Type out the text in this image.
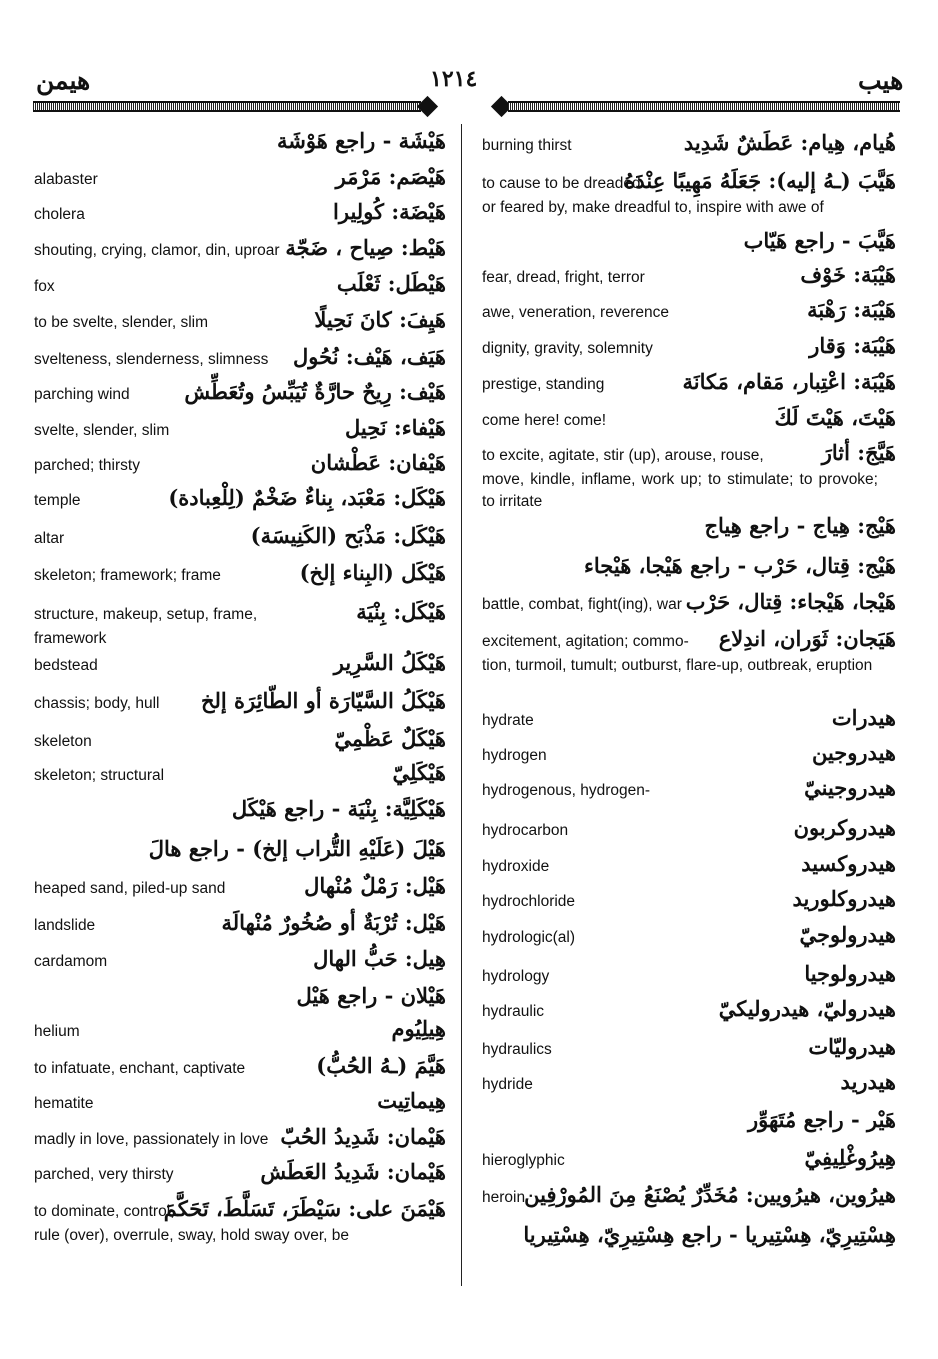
هيمن	١٢١٤	هيب
هَيْشَة - راجع هَوْشَة
هَيْصَم: مَرْمَر
alabaster
هَيْضَة: كُولِيرا
cholera
هَيْط: صِياح ، ضَجّة
shouting, crying, clamor, din, uproar
هَيْطَل: ثَعْلَب
fox
هَيِفَ: كانَ نَحِيلًا
to be svelte, slender, slim
هَيَف، هَيْف: نُحُول
svelteness, slenderness, slimness
هَيْف: رِيحٌ حارَّةٌ تُيَبِّسُ وتُعَطِّش
parching wind
هَيْفاء: نَحِيل
svelte, slender, slim
هَيْفان: عَطْشان
parched; thirsty
هَيْكَل: مَعْبَد، بِناءٌ ضَخْمٌ (لِلْعِبادة)
temple
هَيْكَل: مَذْبَح (الكَنِيسَة)
altar
هَيْكَل (البِناء إلخ)
skeleton; framework; frame
هَيْكَل: بِنْيَة
structure, makeup, setup, frame,
framework
هَيْكَلُ السَّرِير
bedstead
هَيْكَلُ السَّيّارَة أو الطّائِرَة إلخ
chassis; body, hull
هَيْكَلٌ عَظْمِيّ
skeleton
هَيْكَلِيّ
skeleton; structural
هَيْكَلِيَّة: بِنْيَة - راجع هَيْكَل
هَيْلَ (عَلَيْهِ التُّراب إلخ) - راجع هالَ
هَيْل: رَمْلٌ مُنْهال
heaped sand, piled-up sand
هَيْل: تُرْبَةٌ أو صُخُورٌ مُنْهالَة
landslide
هِيل: حَبُّ الهال
cardamom
هَيْلان - راجع هَيْل
هِيلِيُوم
helium
هَيَّمَ (ـهُ الحُبُّ)
to infatuate, enchant, captivate
هِيماتِيت
hematite
هَيْمان: شَدِيدُ الحُبّ
madly in love, passionately in love
هَيْمان: شَدِيدُ العَطَش
parched, very thirsty
هَيْمَنَ على: سَيْطَرَ، تَسَلَّطَ، تَحَكَّمَ
to dominate, control,
rule (over), overrule, sway, hold sway over, be
هُيام، هِيام: عَطَشٌ شَدِيد
burning thirst
هَيَّبَ (ـهُ إليه): جَعَلَهُ مَهِيبًا عِنْدَهُ
to cause to be dreaded
or feared by, make dreadful to, inspire with awe of
هَيَّبَ - راجع هَيّاب
هَيْبَة: خَوْف
fear, dread, fright, terror
هَيْبَة: رَهْبَة
awe, veneration, reverence
هَيْبَة: وَقار
dignity, gravity, solemnity
هَيْبَة: اعْتِبار، مَقام، مَكانَة
prestige, standing
هَيْتَ، هَيْتَ لَكَ
come here! come!
هَيَّجَ: أثارَ
to excite, agitate, stir (up), arouse, rouse,
move, kindle, inflame, work up; to stimulate; to provoke; to irritate
هَيْج: هِياج - راجع هِياج
هَيْج: قِتال، حَرْب - راجع هَيْجا، هَيْجاء
هَيْجا، هَيْجاء: قِتال، حَرْب
battle, combat, fight(ing), war
هَيَجان: ثَوَران، اندِلاع
excitement, agitation; commo-
tion, turmoil, tumult; outburst, flare-up, outbreak, eruption
هيدرات
hydrate
هيدروجين
hydrogen
هيدروجينيّ
hydrogenous, hydrogen-
هيدروكربون
hydrocarbon
هيدروكسيد
hydroxide
هيدروكلوريد
hydrochloride
هيدرولوجيّ
hydrologic(al)
هيدرولوجيا
hydrology
هيدروليّ، هيدروليكيّ
hydraulic
هيدروليّات
hydraulics
هيدريد
hydride
هَيْر - راجع مُتَهَوِّر
هِيرُوغْلِيفِيّ
hieroglyphic
هيرُوين، هيرُويين: مُخَدِّرٌ يُصْنَعُ مِنَ المُورْفِين
heroin
هِسْتِيرِيّ، هِسْتِيريا - راجع هِسْتِيرِيّ، هِسْتِيريا
